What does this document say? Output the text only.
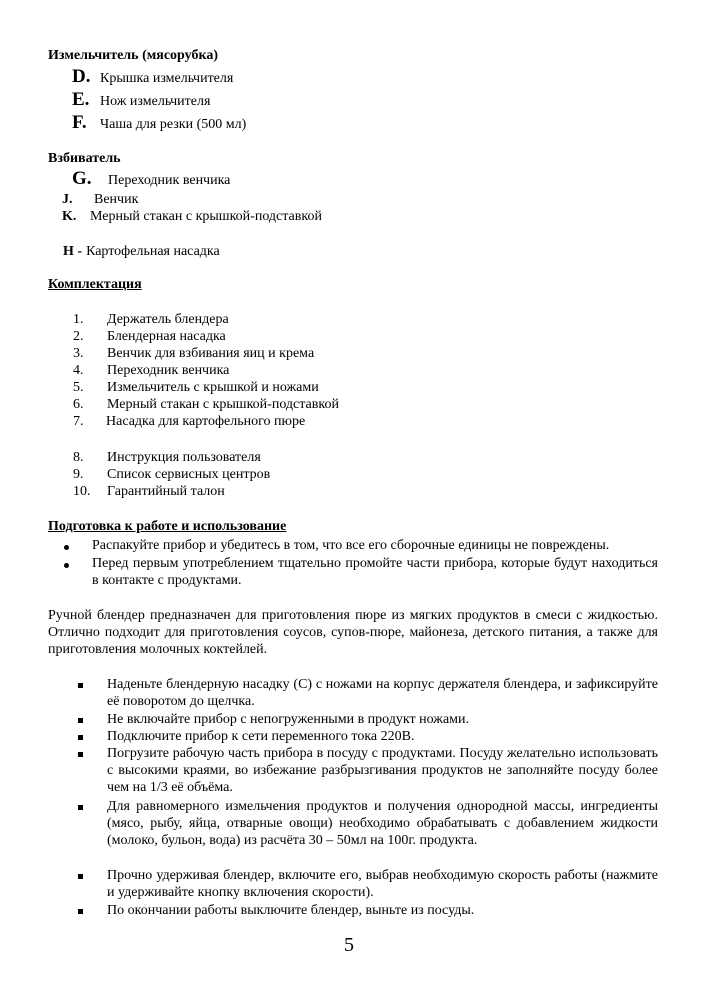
Измельчитель (мясорубка)
D. Крышка измельчителя
E. Нож измельчителя
F. Чаша для резки (500 мл)
Взбиватель
G. Переходник венчика
J. Венчик
K. Мерный стакан с крышкой-подставкой
H - Картофельная насадка
Комплектация
1. Держатель блендера
2. Блендерная насадка
3. Венчик для взбивания яиц и крема
4. Переходник венчика
5. Измельчитель с крышкой и ножами
6. Мерный стакан с крышкой-подставкой
7. Насадка для картофельного пюре
8. Инструкция пользователя
9. Список сервисных центров
10. Гарантийный талон
Подготовка к работе и использование
Распакуйте прибор и убедитесь в том, что все его сборочные единицы не повреждены.
Перед первым употреблением тщательно промойте части прибора, которые будут находиться в контакте с продуктами.
Ручной блендер предназначен для приготовления пюре из мягких продуктов в смеси с жидкостью. Отлично подходит для приготовления соусов, супов-пюре, майонеза, детского питания, а также для приготовления молочных коктейлей.
Наденьте блендерную насадку (С) с ножами на корпус держателя блендера, и зафиксируйте её поворотом до щелчка.
Не включайте прибор с непогруженными в продукт ножами.
Подключите прибор к сети переменного тока 220В.
Погрузите рабочую часть прибора в посуду с продуктами. Посуду желательно использовать с высокими краями, во избежание разбрызгивания продуктов не заполняйте посуду более чем на 1/3 её объёма.
Для равномерного измельчения продуктов и получения однородной массы, ингредиенты (мясо, рыбу, яйца, отварные овощи) необходимо обрабатывать с добавлением жидкости (молоко, бульон, вода) из расчёта 30 – 50мл на 100г. продукта.
Прочно удерживая блендер, включите его, выбрав необходимую скорость работы (нажмите и удерживайте кнопку включения скорости).
По окончании работы выключите блендер, выньте из посуды.
5
